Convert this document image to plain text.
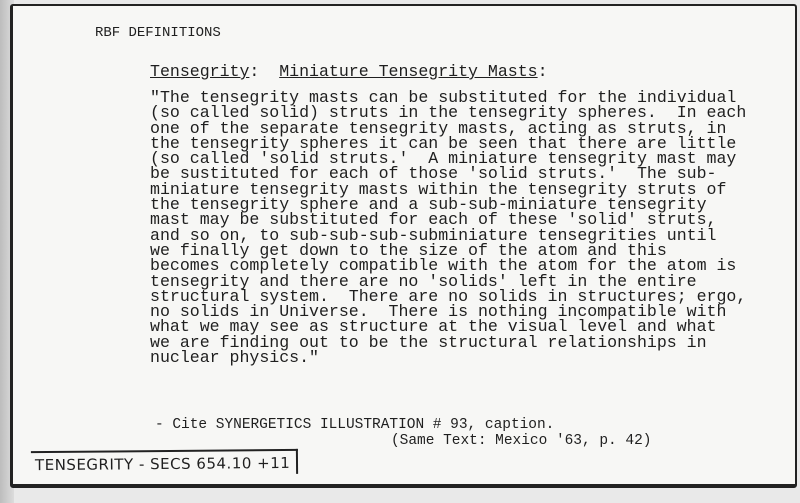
RBF DEFINITIONS
Tensegrity:  Miniature Tensegrity Masts:
"The tensegrity masts can be substituted for the individual
(so called solid) struts in the tensegrity spheres.  In each
one of the separate tensegrity masts, acting as struts, in
the tensegrity spheres it can be seen that there are little
(so called 'solid struts.'  A miniature tensegrity mast may
be sustituted for each of those 'solid struts.'  The sub-
miniature tensegrity masts within the tensegrity struts of
the tensegrity sphere and a sub-sub-miniature tensegrity
mast may be substituted for each of these 'solid' struts,
and so on, to sub-sub-sub-subminiature tensegrities until
we finally get down to the size of the atom and this
becomes completely compatible with the atom for the atom is
tensegrity and there are no 'solids' left in the entire
structural system.  There are no solids in structures; ergo,
no solids in Universe.  There is nothing incompatible with
what we may see as structure at the visual level and what
we are finding out to be the structural relationships in
nuclear physics."
- Cite SYNERGETICS ILLUSTRATION # 93, caption.
(Same Text: Mexico '63, p. 42)
TENSEGRITY - SECS 654.10 +11
